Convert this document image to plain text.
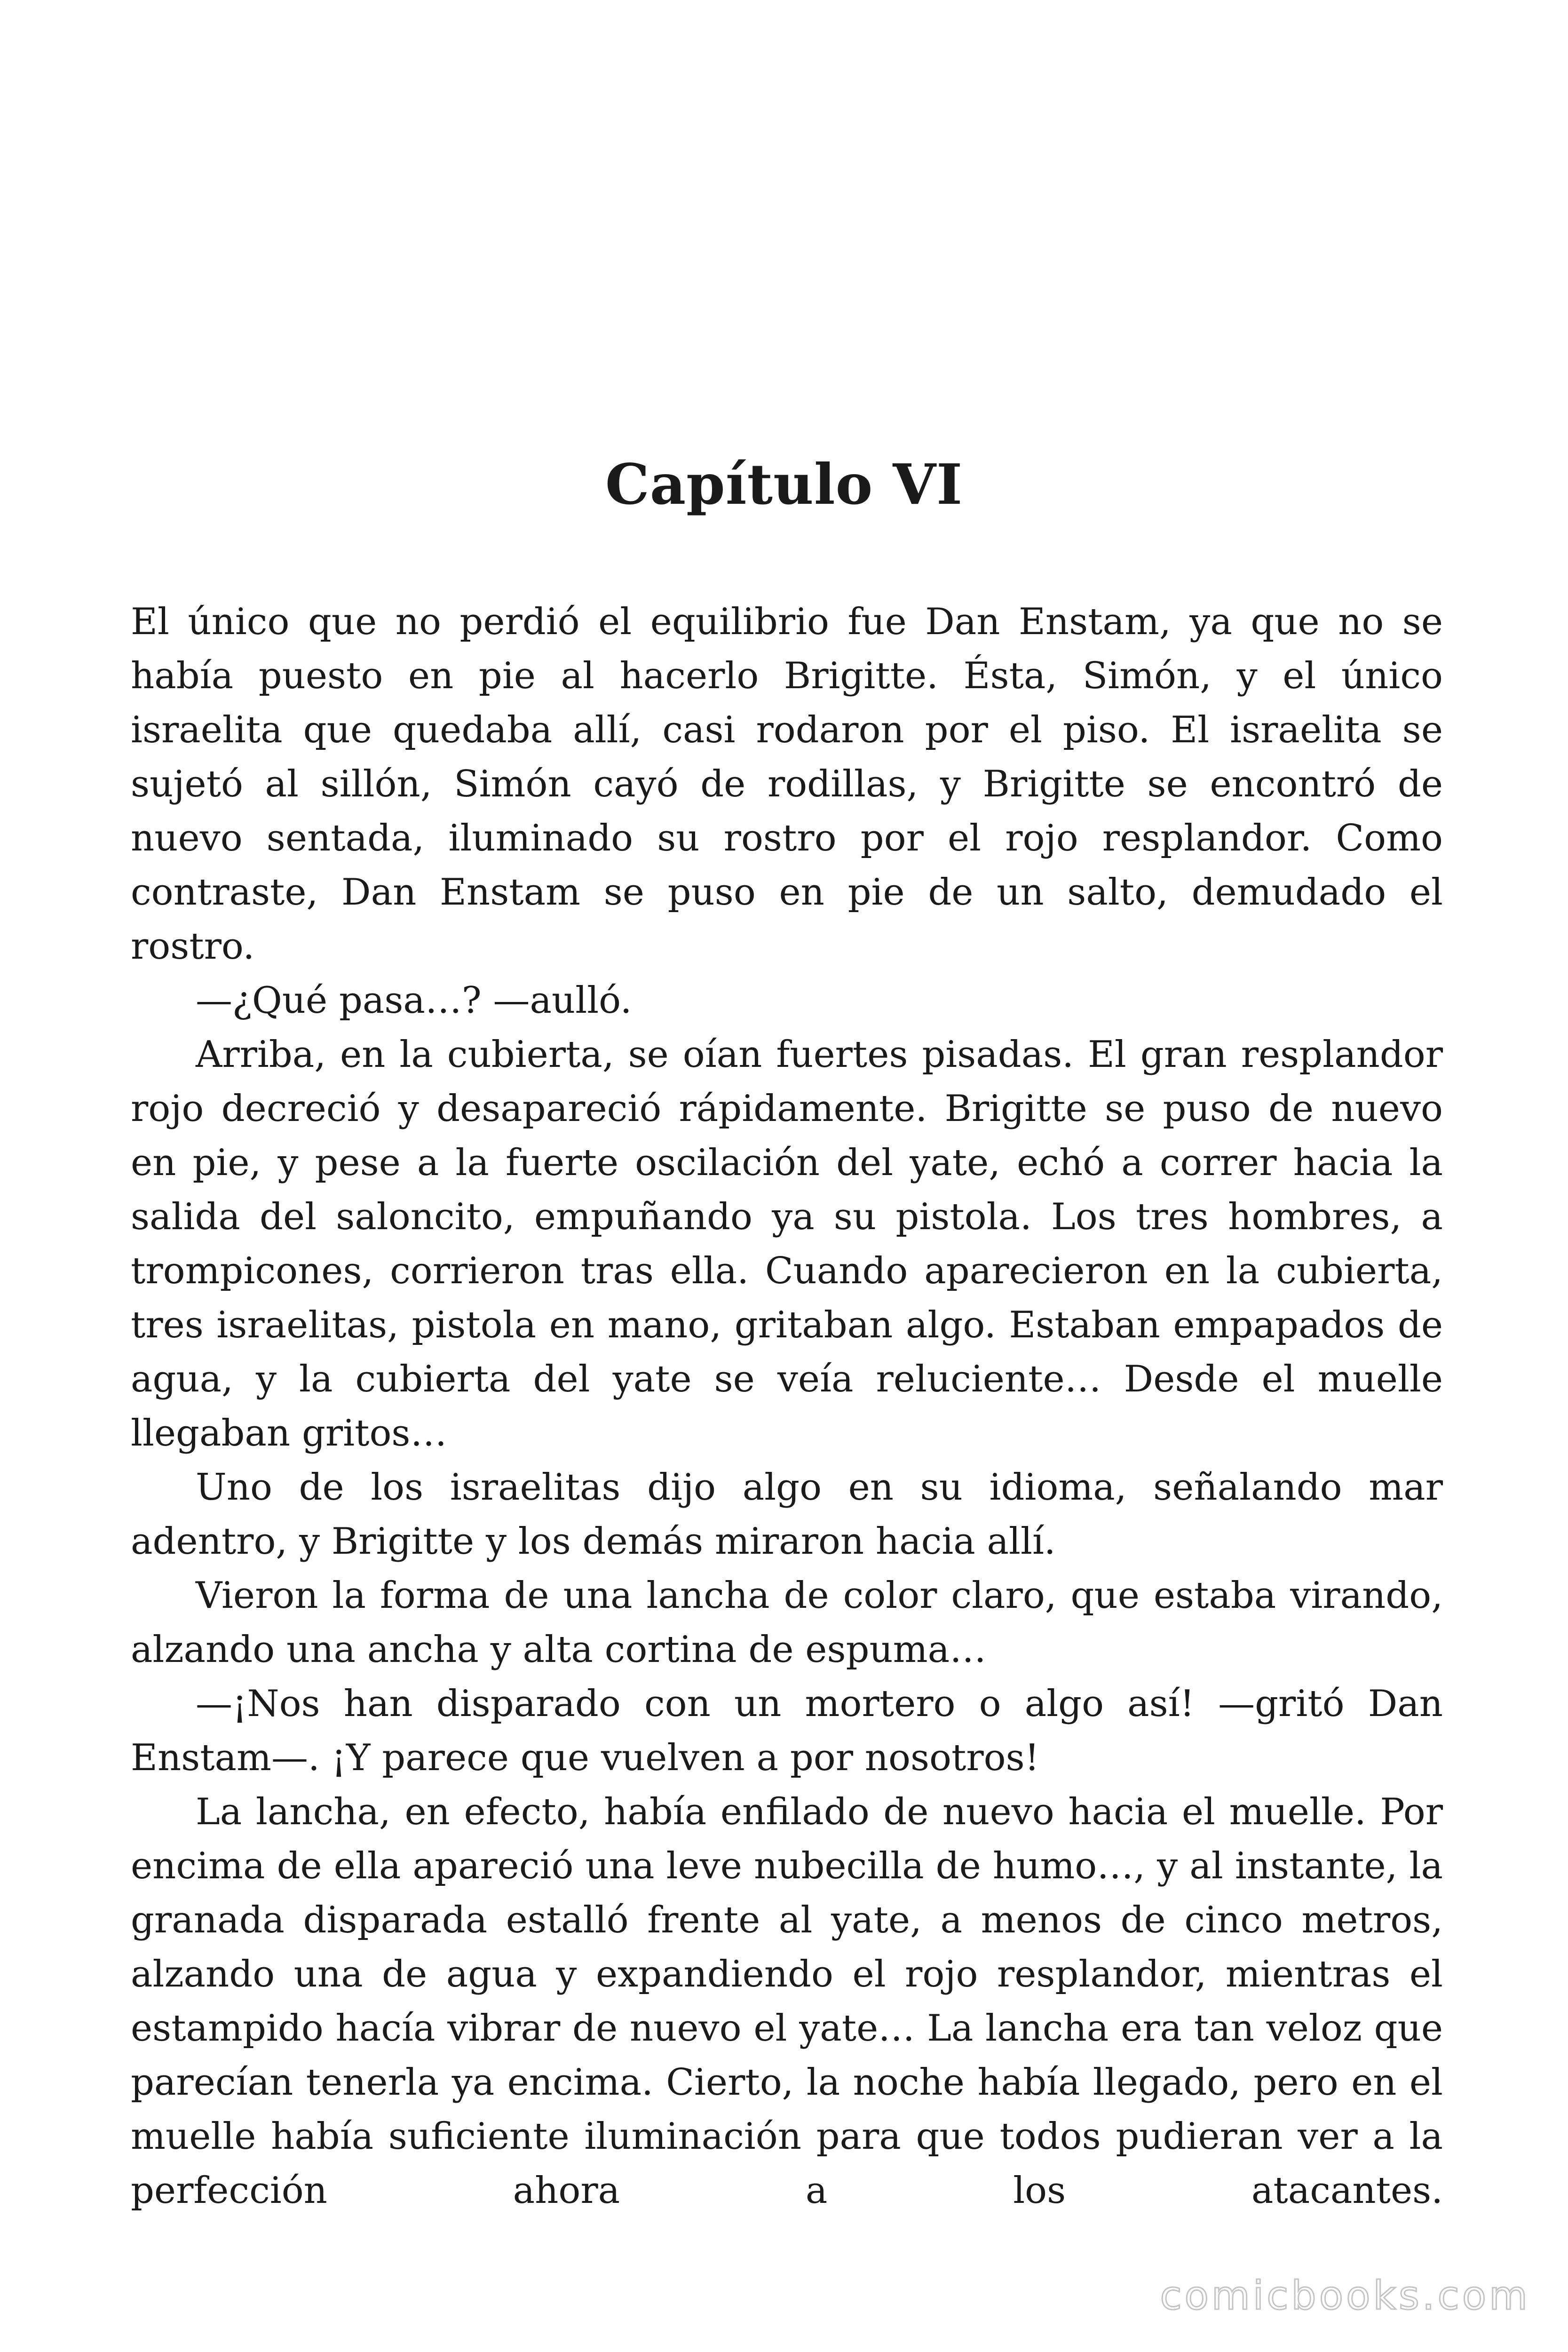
Capítulo VI

El único que no perdió el equilibrio fue Dan Enstam, ya que no se había puesto en pie al hacerlo Brigitte. Ésta, Simón, y el único israelita que quedaba allí, casi rodaron por el piso. El israelita se sujetó al sillón, Simón cayó de rodillas, y Brigitte se encontró de nuevo sentada, iluminado su rostro por el rojo resplandor. Como contraste, Dan Enstam se puso en pie de un salto, demudado el rostro.

—¿Qué pasa…? —aulló.

Arriba, en la cubierta, se oían fuertes pisadas. El gran resplandor rojo decreció y desapareció rápidamente. Brigitte se puso de nuevo en pie, y pese a la fuerte oscilación del yate, echó a correr hacia la salida del saloncito, empuñando ya su pistola. Los tres hombres, a trompicones, corrieron tras ella. Cuando aparecieron en la cubierta, tres israelitas, pistola en mano, gritaban algo. Estaban empapados de agua, y la cubierta del yate se veía reluciente… Desde el muelle llegaban gritos…

Uno de los israelitas dijo algo en su idioma, señalando mar adentro, y Brigitte y los demás miraron hacia allí.

Vieron la forma de una lancha de color claro, que estaba virando, alzando una ancha y alta cortina de espuma…

—¡Nos han disparado con un mortero o algo así! —gritó Dan Enstam—. ¡Y parece que vuelven a por nosotros!

La lancha, en efecto, había enfilado de nuevo hacia el muelle. Por encima de ella apareció una leve nubecilla de humo…, y al instante, la granada disparada estalló frente al yate, a menos de cinco metros, alzando una de agua y expandiendo el rojo resplandor, mientras el estampido hacía vibrar de nuevo el yate… La lancha era tan veloz que parecían tenerla ya encima. Cierto, la noche había llegado, pero en el muelle había suficiente iluminación para que todos pudieran ver a la perfección ahora a los atacantes.

comicbooks.com
